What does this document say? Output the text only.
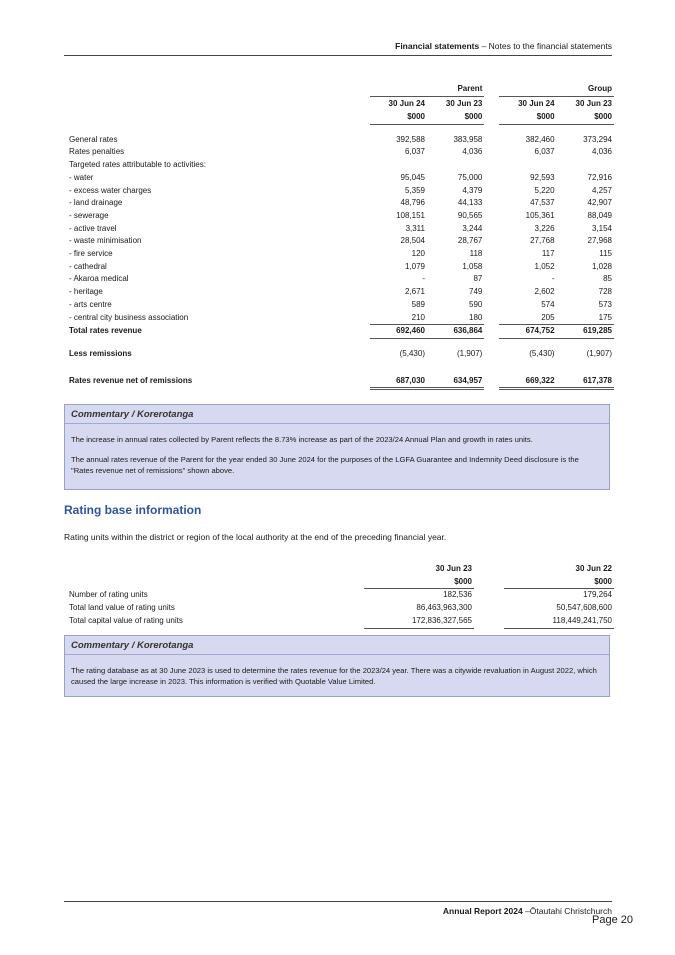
Financial statements – Notes to the financial statements
		Parent			Group
	30 Jun 24	30 Jun 23		30 Jun 24	30 Jun 23
	$000	$000		$000	$000

General rates	392,588	383,958		382,460	373,294
Rates penalties	6,037	4,036		6,037	4,036
Targeted rates attributable to activities:					
- water	95,045	75,000		92,593	72,916
- excess water charges	5,359	4,379		5,220	4,257
- land drainage	48,796	44,133		47,537	42,907
- sewerage	108,151	90,565		105,361	88,049
- active travel	3,311	3,244		3,226	3,154
- waste minimisation	28,504	28,767		27,768	27,968
- fire service	120	118		117	115
- cathedral	1,079	1,058		1,052	1,028
- Akaroa medical	-	87		-	85
- heritage	2,671	749		2,602	728
- arts centre	589	590		574	573
- central city business association	210	180		205	175
Total rates revenue	692,460	636,864		674,752	619,285

Less remissions	(5,430)	(1,907)		(5,430)	(1,907)

Rates revenue net of remissions	687,030	634,957		669,322	617,378
Commentary / Korerotanga

The increase in annual rates collected by Parent reflects the 8.73% increase as part of the 2023/24 Annual Plan and growth in rates units.

The annual rates revenue of the Parent for the year ended 30 June 2024 for the purposes of the LGFA Guarantee and Indemnity Deed disclosure is the "Rates revenue net of remissions" shown above.

Rating base information
Rating units within the district or region of the local authority at the end of the preceding financial year.
	30 Jun 23		30 Jun 22
	$000		$000
Number of rating units	182,536		179,264
Total land value of rating units	86,463,963,300		50,547,608,600
Total capital value of rating units	172,836,327,565		118,449,241,750
Commentary / Korerotanga

The rating database as at 30 June 2023 is used to determine the rates revenue for the 2023/24 year. There was a citywide revaluation in August 2022, which caused the large increase in 2023. This information is verified with Quotable Value Limited.

Annual Report 2024 –Ōtautahi Christchurch
Page 20
